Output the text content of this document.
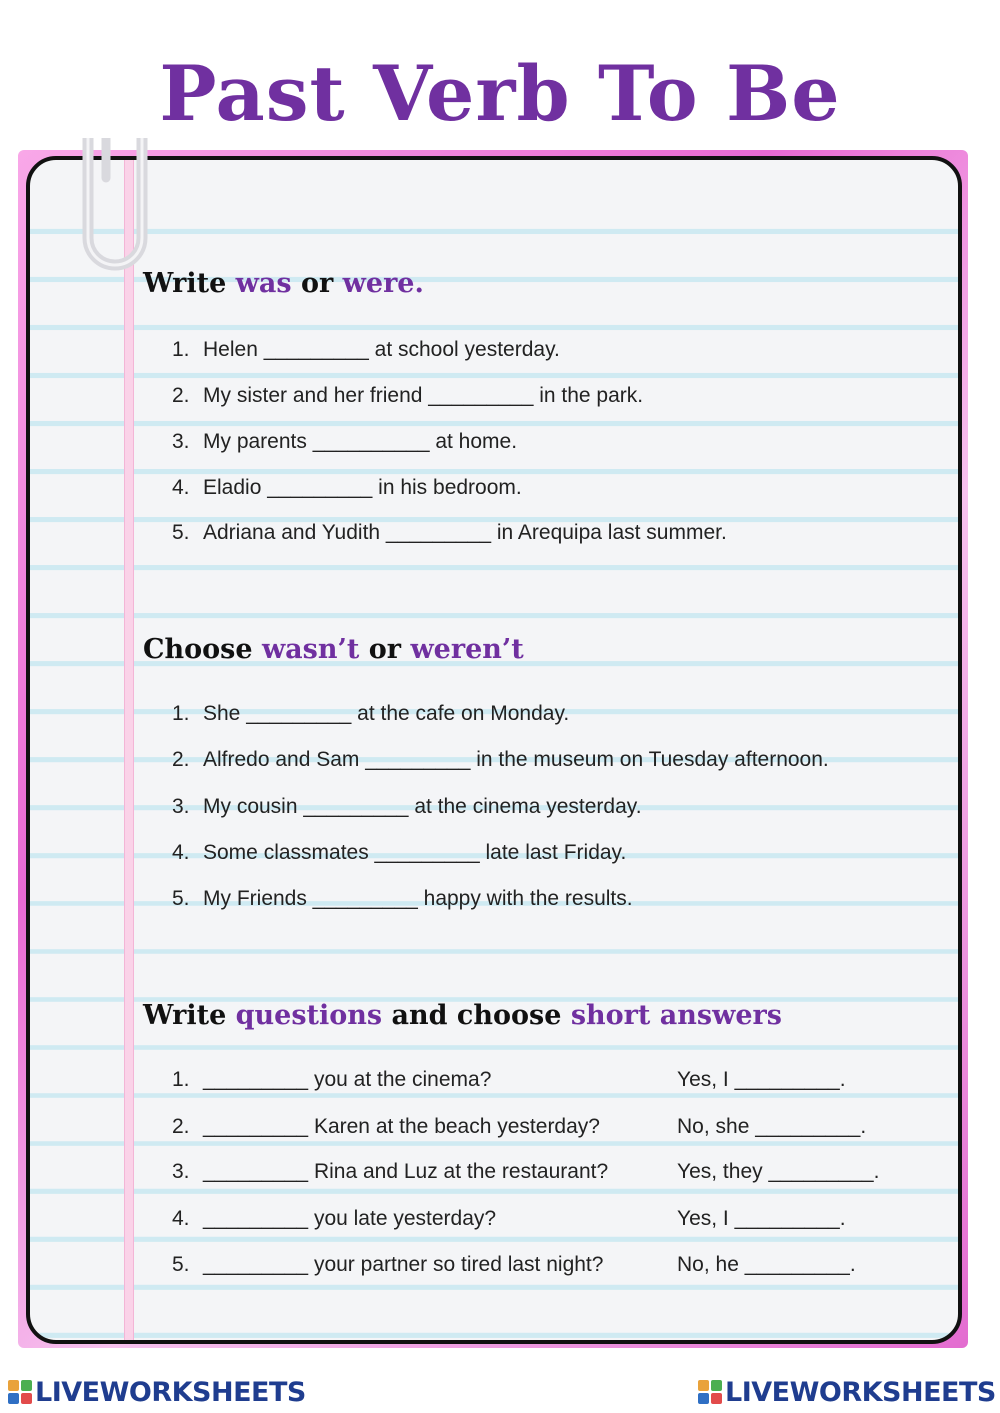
Past Verb To Be
Write was or were.
1. Helen _________ at school yesterday.
2. My sister and her friend _________ in the park.
3. My parents __________ at home.
4. Eladio _________ in his bedroom.
5. Adriana and Yudith _________ in Arequipa last summer.
Choose wasn’t or weren’t
1. She _________ at the cafe on Monday.
2. Alfredo and Sam _________ in the museum on Tuesday afternoon.
3. My cousin _________ at the cinema yesterday.
4. Some classmates _________ late last Friday.
5. My Friends _________ happy with the results.
Write questions and choose short answers
1. _________ you at the cinema?	Yes, I _________.
2. _________ Karen at the beach yesterday?	No, she _________.
3. _________ Rina and Luz at the restaurant?	Yes, they _________.
4. _________ you late yesterday?	Yes, I _________.
5. _________ your partner so tired last night?	No, he _________.
LIVEWORKSHEETS	LIVEWORKSHEETS
